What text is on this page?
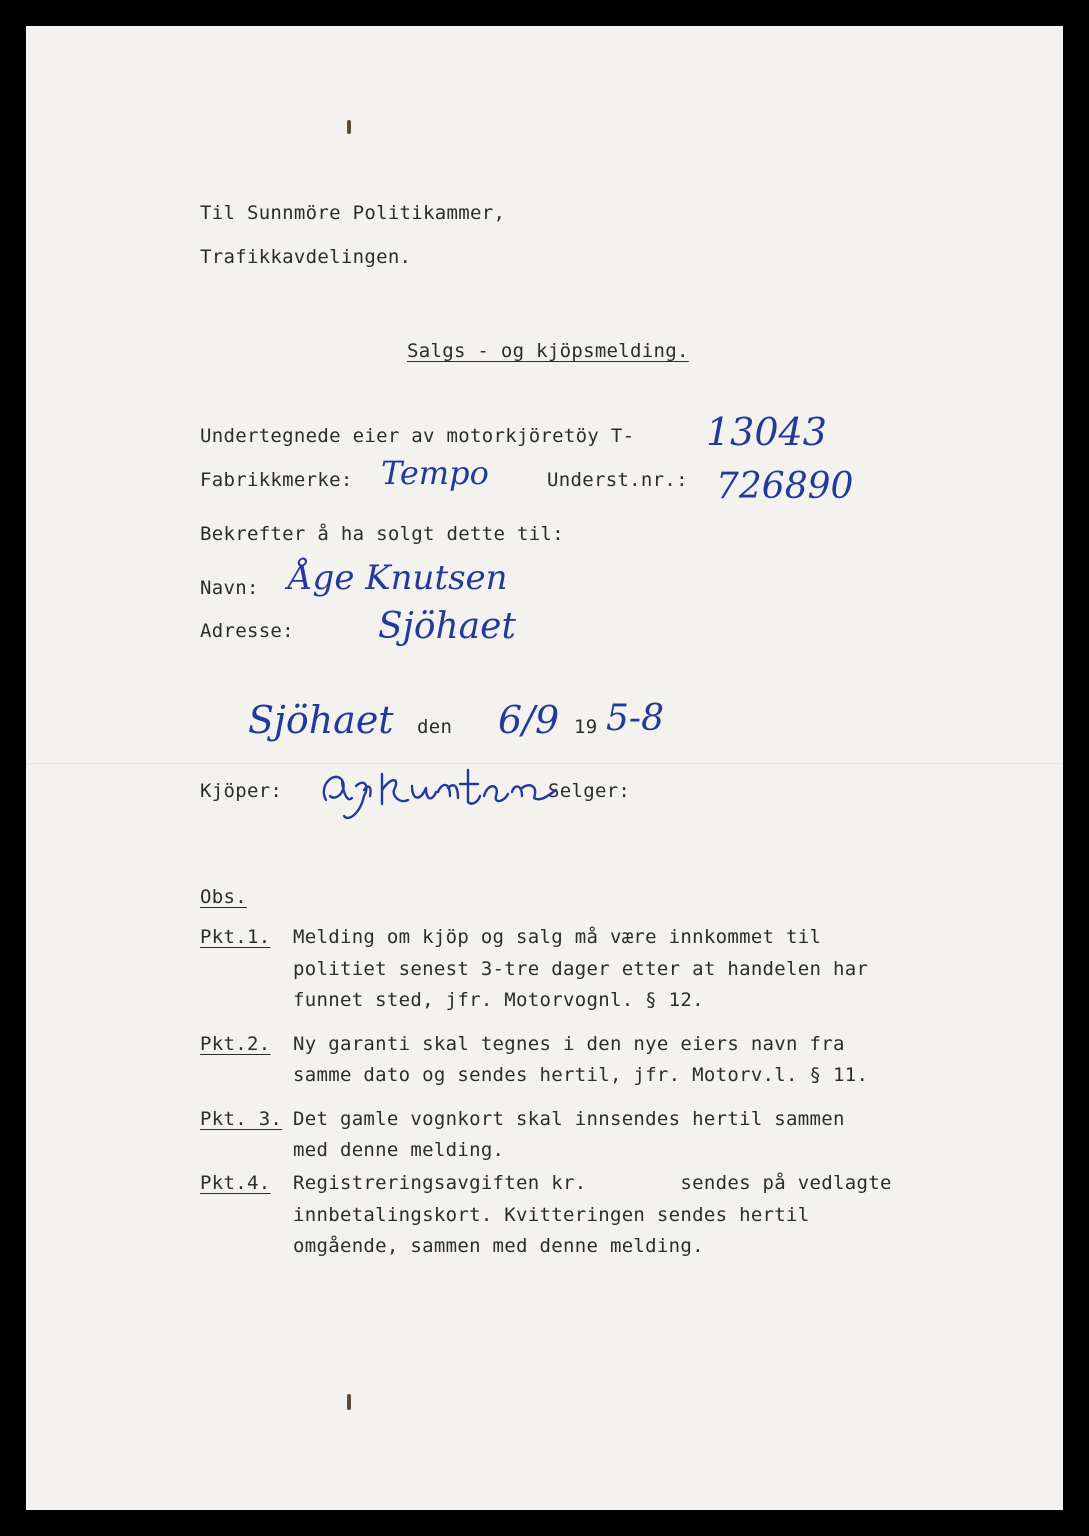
Til Sunnmöre Politikammer,
Trafikkavdelingen.
Salgs - og kjöpsmelding.
Undertegnede eier av motorkjöretöy T- 13043
Fabrikkmerke: Tempo	Underst.nr.: 726890
Bekrefter å ha solgt dette til:
Navn: Åge Knutsen
Adresse: Sjöhaet
Sjöhaet den 6/9 19 5-8
Kjöper:	Selger:
Obs.
Pkt.1. Melding om kjöp og salg må være innkommet til
politiet senest 3-tre dager etter at handelen har
funnet sted, jfr. Motorvognl. § 12.
Pkt.2. Ny garanti skal tegnes i den nye eiers navn fra
samme dato og sendes hertil, jfr. Motorv.l. § 11.
Pkt. 3. Det gamle vognkort skal innsendes hertil sammen
med denne melding.
Pkt.4. Registreringsavgiften kr.        sendes på vedlagte
innbetalingskort. Kvitteringen sendes hertil
omgående, sammen med denne melding.
